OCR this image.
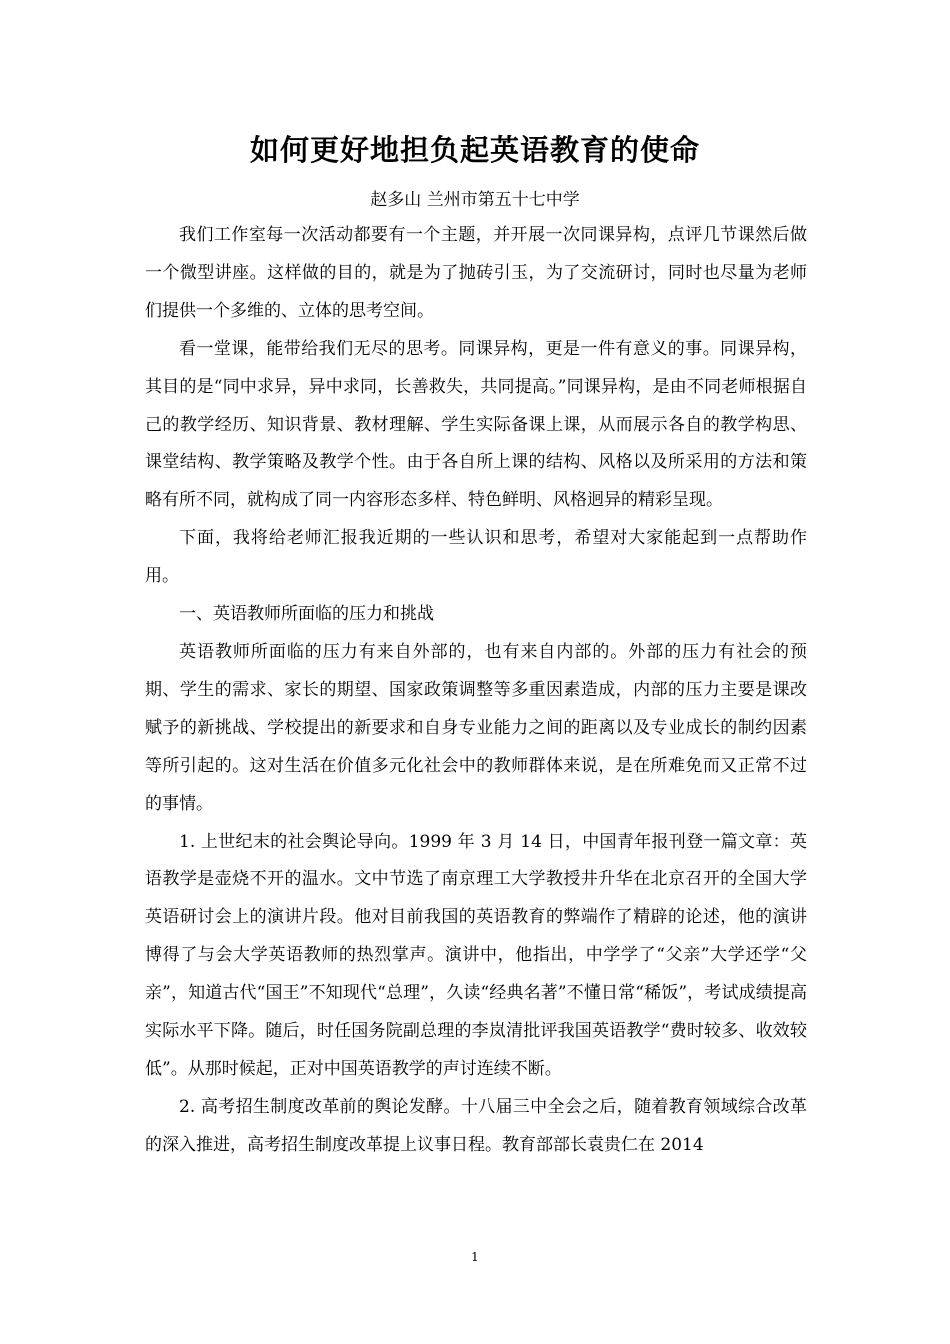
如何更好地担负起英语教育的使命
赵多山 兰州市第五十七中学

我们工作室每一次活动都要有一个主题，并开展一次同课异构，点评几节课然后做一个微型讲座。这样做的目的，就是为了抛砖引玉，为了交流研讨，同时也尽量为老师们提供一个多维的、立体的思考空间。

看一堂课，能带给我们无尽的思考。同课异构，更是一件有意义的事。同课异构，其目的是“同中求异，异中求同，长善救失，共同提高。”同课异构，是由不同老师根据自己的教学经历、知识背景、教材理解、学生实际备课上课，从而展示各自的教学构思、课堂结构、教学策略及教学个性。由于各自所上课的结构、风格以及所采用的方法和策略有所不同，就构成了同一内容形态多样、特色鲜明、风格迥异的精彩呈现。

下面，我将给老师汇报我近期的一些认识和思考，希望对大家能起到一点帮助作用。

一、英语教师所面临的压力和挑战

英语教师所面临的压力有来自外部的，也有来自内部的。外部的压力有社会的预期、学生的需求、家长的期望、国家政策调整等多重因素造成，内部的压力主要是课改赋予的新挑战、学校提出的新要求和自身专业能力之间的距离以及专业成长的制约因素等所引起的。这对生活在价值多元化社会中的教师群体来说，是在所难免而又正常不过的事情。

1. 上世纪末的社会舆论导向。1999 年 3 月 14 日，中国青年报刊登一篇文章：英语教学是壶烧不开的温水。文中节选了南京理工大学教授井升华在北京召开的全国大学英语研讨会上的演讲片段。他对目前我国的英语教育的弊端作了精辟的论述，他的演讲博得了与会大学英语教师的热烈掌声。演讲中，他指出，中学学了“父亲”大学还学“父亲”，知道古代“国王”不知现代“总理”，久读“经典名著”不懂日常“稀饭”，考试成绩提高实际水平下降。随后，时任国务院副总理的李岚清批评我国英语教学“费时较多、收效较低”。从那时候起，正对中国英语教学的声讨连续不断。

2. 高考招生制度改革前的舆论发酵。十八届三中全会之后，随着教育领域综合改革的深入推进，高考招生制度改革提上议事日程。教育部部长袁贵仁在 2014

1
